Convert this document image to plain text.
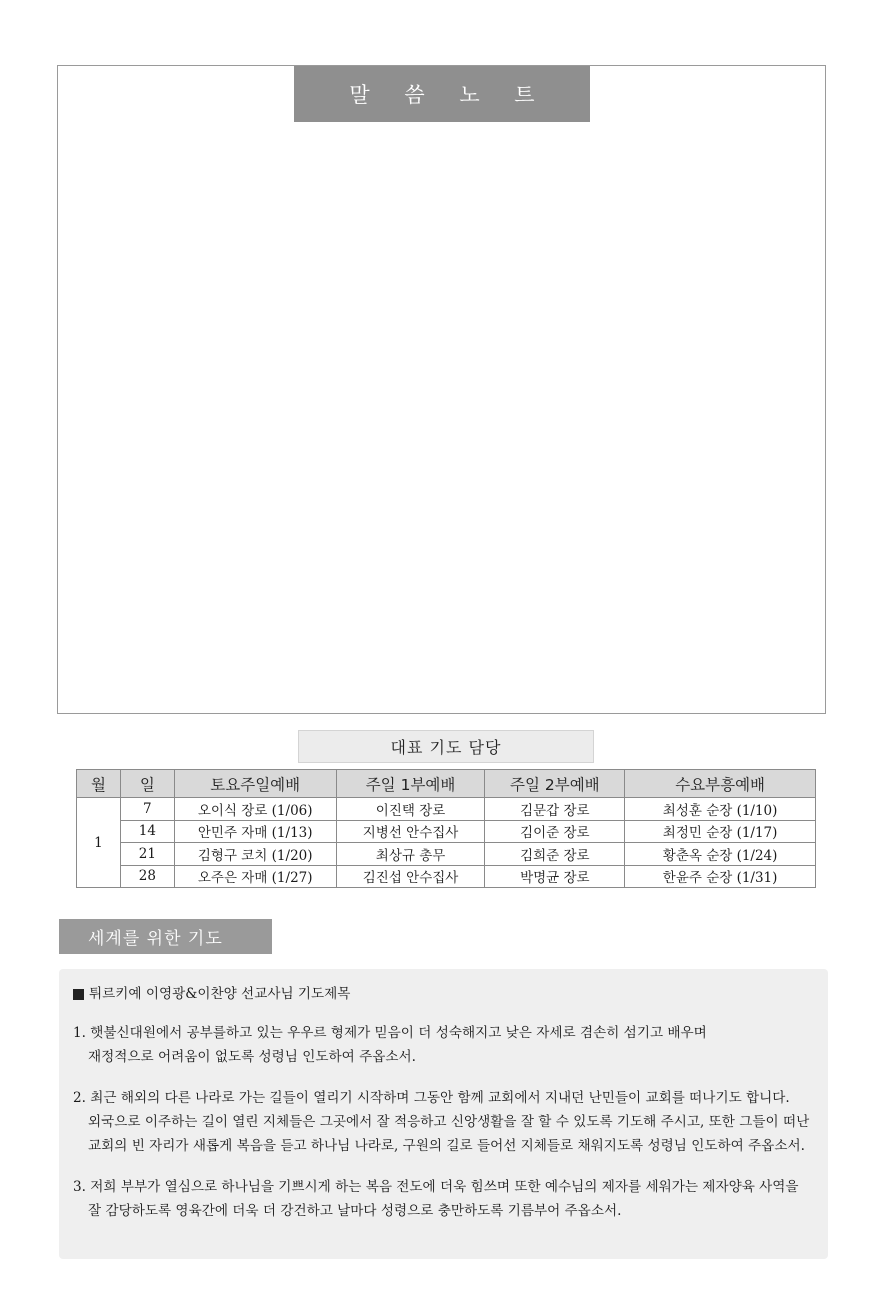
말 씀 노 트
대표 기도 담당
월	일	토요주일예배	주일 1부예배	주일 2부예배	수요부흥예배
1	7	오이식 장로 (1/06)	이진택 장로	김문갑 장로	최성훈 순장 (1/10)
	14	안민주 자매 (1/13)	지병선 안수집사	김이준 장로	최정민 순장 (1/17)
	21	김형구 코치 (1/20)	최상규 총무	김희준 장로	황춘옥 순장 (1/24)
	28	오주은 자매 (1/27)	김진섭 안수집사	박명균 장로	한윤주 순장 (1/31)
세계를 위한 기도
튀르키예 이영광&이찬양 선교사님 기도제목
1. 햇불신대원에서 공부를하고 있는 우우르 형제가 믿음이 더 성숙해지고 낮은 자세로 겸손히 섬기고 배우며
재정적으로 어려움이 없도록 성령님 인도하여 주옵소서.
2. 최근 해외의 다른 나라로 가는 길들이 열리기 시작하며 그동안 함께 교회에서 지내던 난민들이 교회를 떠나기도 합니다.
외국으로 이주하는 길이 열린 지체들은 그곳에서 잘 적응하고 신앙생활을 잘 할 수 있도록 기도해 주시고, 또한 그들이 떠난
교회의 빈 자리가 새롭게 복음을 듣고 하나님 나라로, 구원의 길로 들어선 지체들로 채워지도록 성령님 인도하여 주옵소서.
3. 저희 부부가 열심으로 하나님을 기쁘시게 하는 복음 전도에 더욱 힘쓰며 또한 예수님의 제자를 세워가는 제자양육 사역을
잘 감당하도록 영육간에 더욱 더 강건하고 날마다 성령으로 충만하도록 기름부어 주옵소서.
